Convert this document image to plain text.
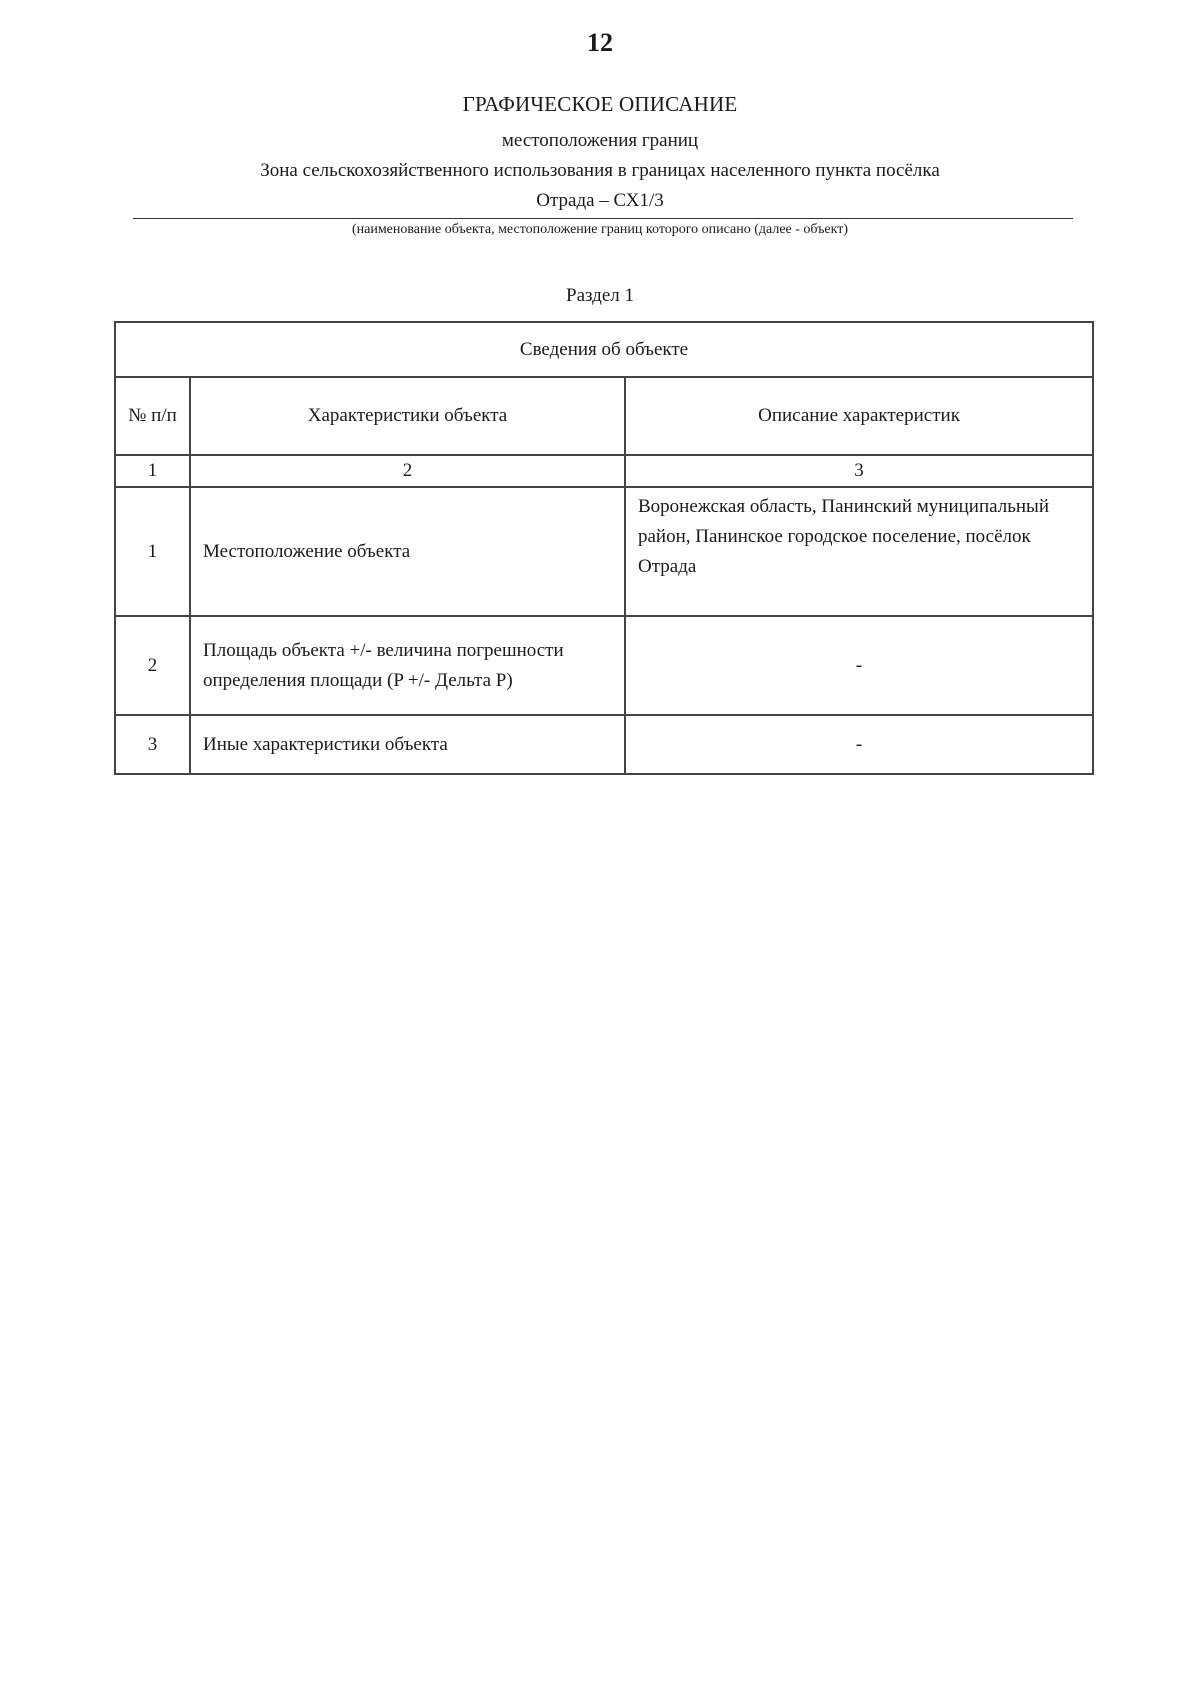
12
ГРАФИЧЕСКОЕ ОПИСАНИЕ
местоположения границ
Зона сельскохозяйственного использования в границах населенного пункта посёлка
Отрада – СХ1/3
(наименование объекта, местоположение границ которого описано (далее - объект)
Раздел 1
Сведения об объекте		
№ п/п	Характеристики объекта	Описание характеристик
1	2	3
1	Местоположение объекта	Воронежская область, Панинский муниципальный район, Панинское городское поселение, посёлок Отрада
2	Площадь объекта +/- величина погрешности определения площади (P +/- Дельта P)	-
3	Иные характеристики объекта	-
